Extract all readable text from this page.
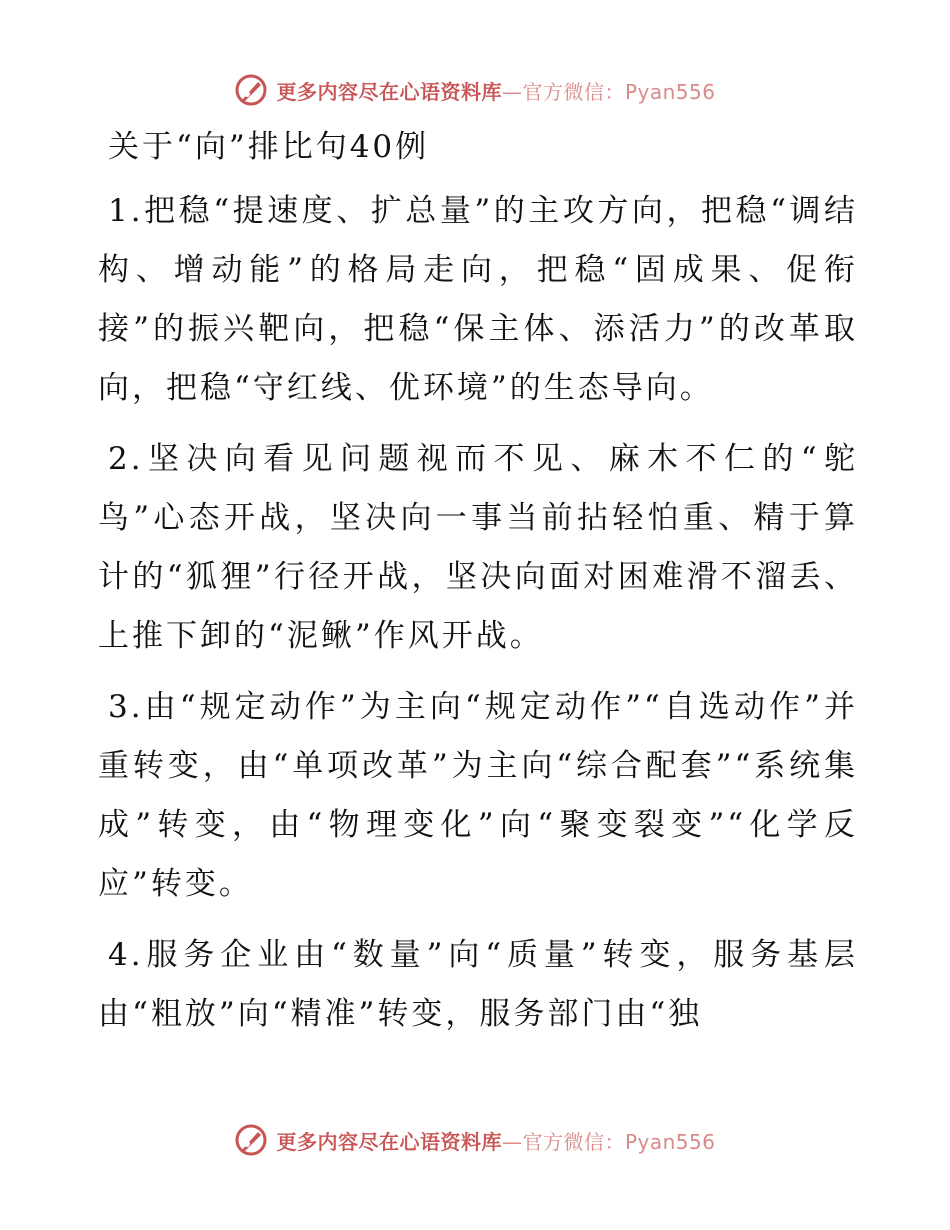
更多内容尽在心语资料库—官方微信：Pyan556
关于“向”排比句40例

1.把稳“提速度、扩总量”的主攻方向，把稳“调结构、增动能”的格局走向，把稳“固成果、促衔接”的振兴靶向，把稳“保主体、添活力”的改革取向，把稳“守红线、优环境”的生态导向。

2.坚决向看见问题视而不见、麻木不仁的“鸵鸟”心态开战，坚决向一事当前拈轻怕重、精于算计的“狐狸”行径开战，坚决向面对困难滑不溜丢、上推下卸的“泥鳅”作风开战。

3.由“规定动作”为主向“规定动作”“自选动作”并重转变，由“单项改革”为主向“综合配套”“系统集成”转变，由“物理变化”向“聚变裂变”“化学反应”转变。

4.服务企业由“数量”向“质量”转变，服务基层由“粗放”向“精准”转变，服务部门由“独

更多内容尽在心语资料库—官方微信：Pyan556
